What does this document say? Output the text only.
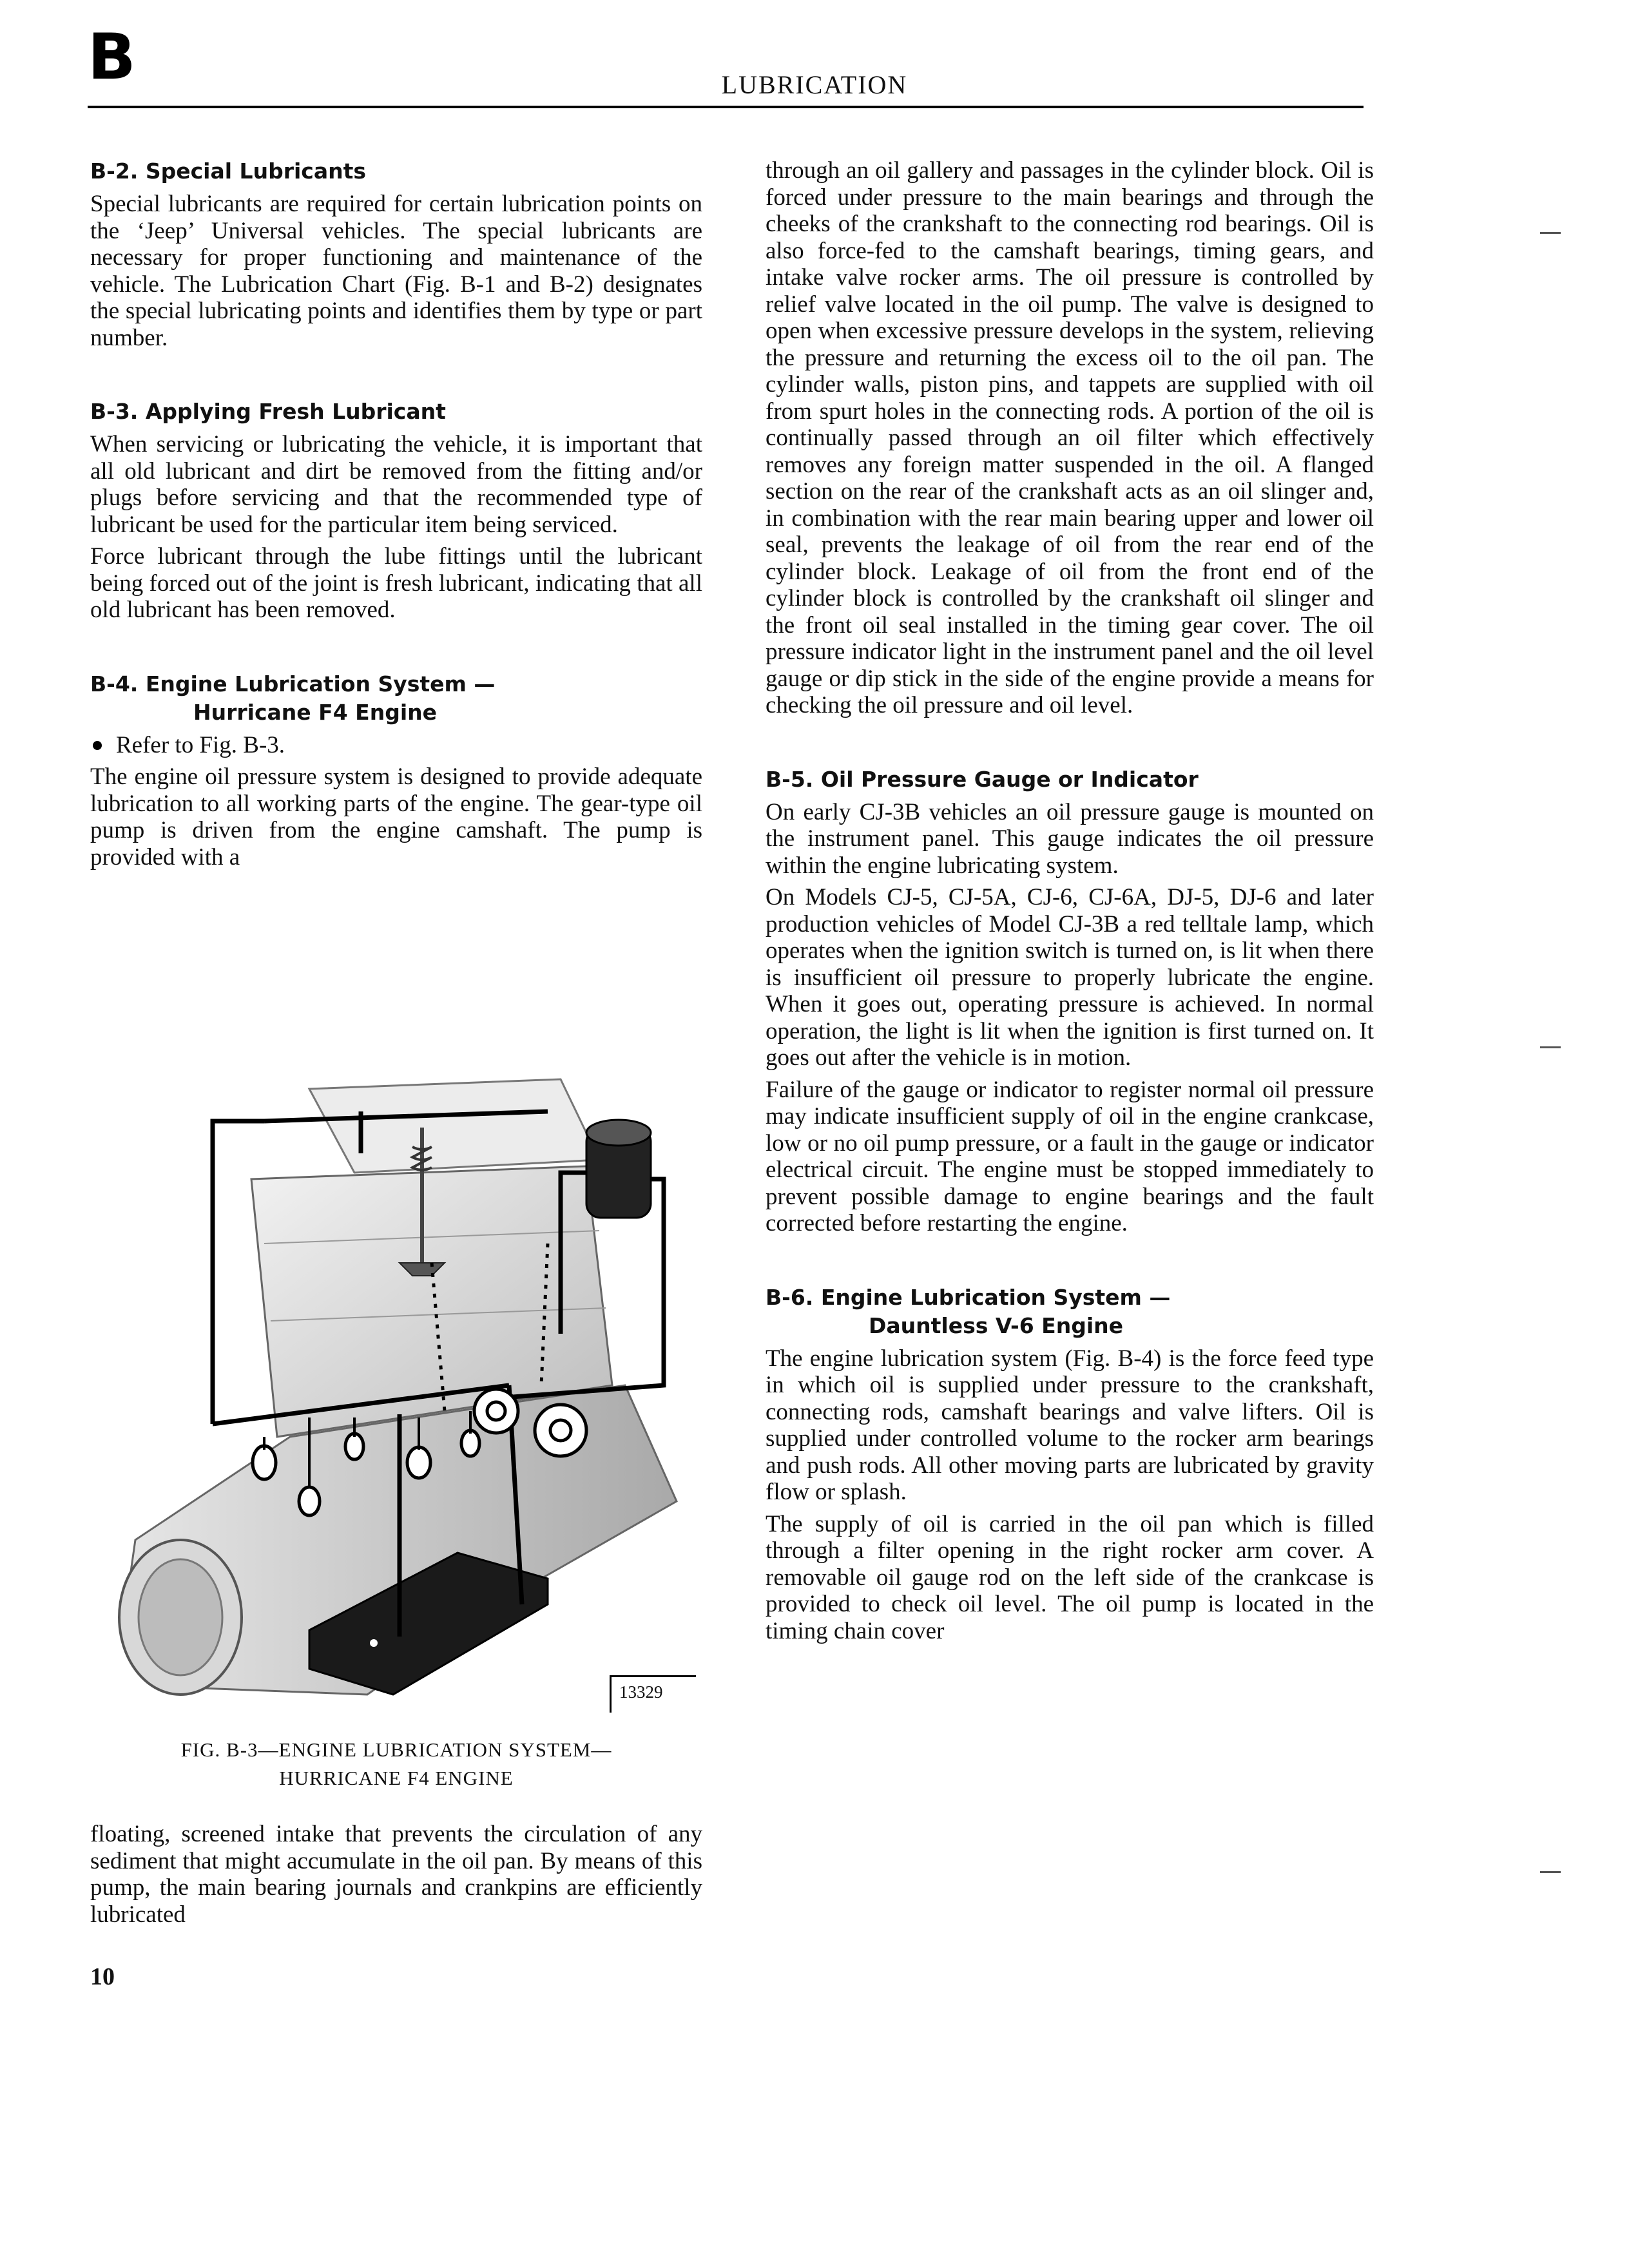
B	LUBRICATION
B-2. Special Lubricants

Special lubricants are required for certain lubrication points on the ‘Jeep’ Universal vehicles. The special lubricants are necessary for proper functioning and maintenance of the vehicle. The Lubrication Chart (Fig. B-1 and B-2) designates the special lubricating points and identifies them by type or part number.

B-3. Applying Fresh Lubricant

When servicing or lubricating the vehicle, it is important that all old lubricant and dirt be removed from the fitting and/or plugs before servicing and that the recommended type of lubricant be used for the particular item being serviced.

Force lubricant through the lube fittings until the lubricant being forced out of the joint is fresh lubricant, indicating that all old lubricant has been removed.

B-4. Engine Lubrication System —
Hurricane F4 Engine

Refer to Fig. B-3.

The engine oil pressure system is designed to provide adequate lubrication to all working parts of the engine. The gear-type oil pump is driven from the engine camshaft. The pump is provided with a

13329
FIG. B-3—ENGINE LUBRICATION SYSTEM—
HURRICANE F4 ENGINE

floating, screened intake that prevents the circulation of any sediment that might accumulate in the oil pan. By means of this pump, the main bearing journals and crankpins are efficiently lubricated

through an oil gallery and passages in the cylinder block. Oil is forced under pressure to the main bearings and through the cheeks of the crankshaft to the connecting rod bearings. Oil is also force-fed to the camshaft bearings, timing gears, and intake valve rocker arms. The oil pressure is controlled by relief valve located in the oil pump. The valve is designed to open when excessive pressure develops in the system, relieving the pressure and returning the excess oil to the oil pan. The cylinder walls, piston pins, and tappets are supplied with oil from spurt holes in the connecting rods. A portion of the oil is continually passed through an oil filter which effectively removes any foreign matter suspended in the oil. A flanged section on the rear of the crankshaft acts as an oil slinger and, in combination with the rear main bearing upper and lower oil seal, prevents the leakage of oil from the rear end of the cylinder block. Leakage of oil from the front end of the cylinder block is controlled by the crankshaft oil slinger and the front oil seal installed in the timing gear cover. The oil pressure indicator light in the instrument panel and the oil level gauge or dip stick in the side of the engine provide a means for checking the oil pressure and oil level.

B-5. Oil Pressure Gauge or Indicator

On early CJ-3B vehicles an oil pressure gauge is mounted on the instrument panel. This gauge indicates the oil pressure within the engine lubricating system.

On Models CJ-5, CJ-5A, CJ-6, CJ-6A, DJ-5, DJ-6 and later production vehicles of Model CJ-3B a red telltale lamp, which operates when the ignition switch is turned on, is lit when there is insufficient oil pressure to properly lubricate the engine. When it goes out, operating pressure is achieved. In normal operation, the light is lit when the ignition is first turned on. It goes out after the vehicle is in motion.

Failure of the gauge or indicator to register normal oil pressure may indicate insufficient supply of oil in the engine crankcase, low or no oil pump pressure, or a fault in the gauge or indicator electrical circuit. The engine must be stopped immediately to prevent possible damage to engine bearings and the fault corrected before restarting the engine.

B-6. Engine Lubrication System —
Dauntless V-6 Engine

The engine lubrication system (Fig. B-4) is the force feed type in which oil is supplied under pressure to the crankshaft, connecting rods, camshaft bearings and valve lifters. Oil is supplied under controlled volume to the rocker arm bearings and push rods. All other moving parts are lubricated by gravity flow or splash.

The supply of oil is carried in the oil pan which is filled through a filter opening in the right rocker arm cover. A removable oil gauge rod on the left side of the crankcase is provided to check oil level. The oil pump is located in the timing chain cover

10
